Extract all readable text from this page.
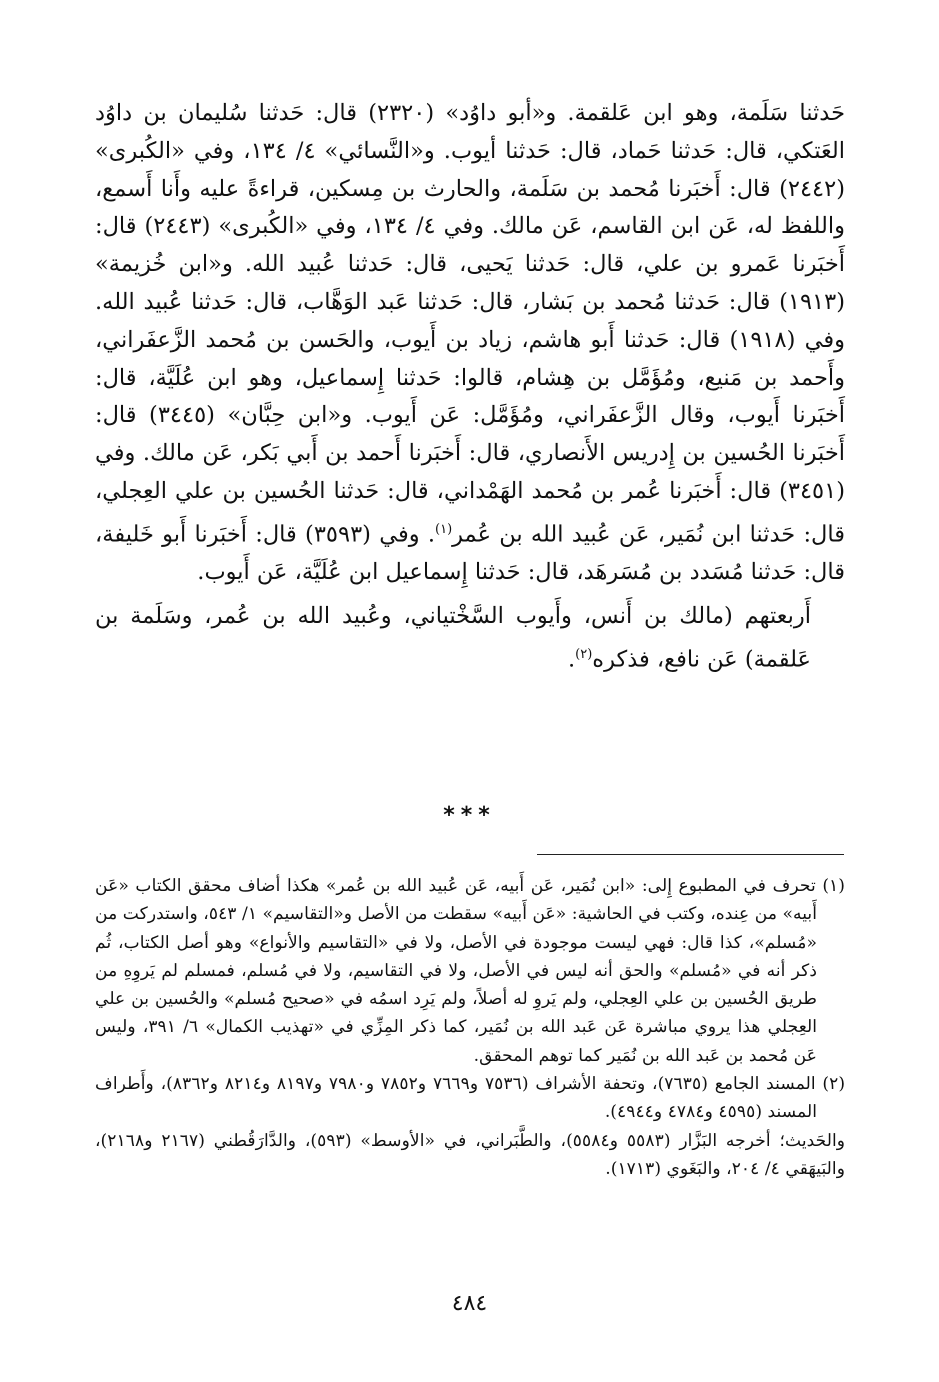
حَدثنا سَلَمة، وهو ابن عَلقمة. و«أبو داوُد» (٢٣٢٠) قال: حَدثنا سُليمان بن داوُد العَتكي، قال: حَدثنا حَماد، قال: حَدثنا أيوب. و«النَّسائي» ٤/ ١٣٤، وفي «الكُبرى» (٢٤٤٢) قال: أَخبَرنا مُحمد بن سَلَمة، والحارث بن مِسكين، قراءةً عليه وأَنا أَسمع، واللفظ له، عَن ابن القاسم، عَن مالك. وفي ٤/ ١٣٤، وفي «الكُبرى» (٢٤٤٣) قال: أَخبَرنا عَمرو بن علي، قال: حَدثنا يَحيى، قال: حَدثنا عُبيد الله. و«ابن خُزيمة» (١٩١٣) قال: حَدثنا مُحمد بن بَشار، قال: حَدثنا عَبد الوَهَّاب، قال: حَدثنا عُبيد الله. وفي (١٩١٨) قال: حَدثنا أَبو هاشم، زياد بن أَيوب، والحَسن بن مُحمد الزَّعفَراني، وأَحمد بن مَنيع، ومُؤَمَّل بن هِشام، قالوا: حَدثنا إِسماعيل، وهو ابن عُلَيَّة، قال: أَخبَرنا أَيوب، وقال الزَّعفَراني، ومُؤَمَّل: عَن أَيوب. و«ابن حِبَّان» (٣٤٤٥) قال: أَخبَرنا الحُسين بن إِدريس الأَنصاري، قال: أَخبَرنا أَحمد بن أَبي بَكر، عَن مالك. وفي (٣٤٥١) قال: أَخبَرنا عُمر بن مُحمد الهَمْداني، قال: حَدثنا الحُسين بن علي العِجلي، قال: حَدثنا ابن نُمَير، عَن عُبيد الله بن عُمر$^{(١)}$. وفي (٣٥٩٣) قال: أَخبَرنا أَبو خَليفة، قال: حَدثنا مُسَدد بن مُسَرهَد، قال: حَدثنا إِسماعيل ابن عُلَيَّة، عَن أَيوب.

أَربعتهم (مالك بن أَنس، وأَيوب السَّخْتياني، وعُبيد الله بن عُمر، وسَلَمة بن عَلقمة) عَن نافع، فذكره$^{(٢)}$.

***

(١) تحرف في المطبوع إِلى: «ابن نُمَير، عَن أَبيه، عَن عُبيد الله بن عُمر» هكذا أضاف محقق الكتاب «عَن أَبيه» من عِنده، وكتب في الحاشية: «عَن أَبيه» سقطت من الأصل و«التقاسيم» ١/ ٥٤٣، واستدركت من «مُسلم»، كذا قال: فهي ليست موجودة في الأصل، ولا في «التقاسيم والأنواع» وهو أصل الكتاب، ثُم ذكر أنه في «مُسلم» والحق أنه ليس في الأصل، ولا في التقاسيم، ولا في مُسلم، فمسلم لم يَروِهِ من طريق الحُسين بن علي العِجلي، ولم يَروِ له أصلاً، ولم يَرِد اسمُه في «صحيح مُسلم» والحُسين بن علي العِجلي هذا يروي مباشرة عَن عَبد الله بن نُمَير، كما ذكر المِزِّي في «تهذيب الكمال» ٦/ ٣٩١، وليس عَن مُحمد بن عَبد الله بن نُمَير كما توهم المحقق.

(٢) المسند الجامع (٧٦٣٥)، وتحفة الأشراف (٧٥٣٦ و٧٦٦٩ و٧٨٥٢ و٧٩٨٠ و٨١٩٧ و٨٢١٤ و٨٣٦٢)، وأَطراف المسند (٤٥٩٥ و٤٧٨٤ و٤٩٤٤).

والحَديث؛ أخرجه البَزَّار (٥٥٨٣ و٥٥٨٤)، والطَّبَراني، في «الأوسط» (٥٩٣)، والدَّارَقُطني (٢١٦٧ و٢١٦٨)، والبَيهَقي ٤/ ٢٠٤، والبَغَوي (١٧١٣).

٤٨٤
